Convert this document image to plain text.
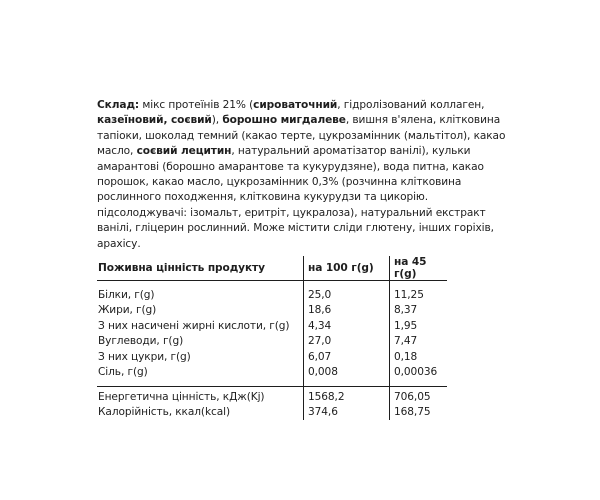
Склад: мікс протеїнів 21% (сироваточний, гідролізований коллаген, казеїновий, соєвий), борошно мигдалеве, вишня в'ялена, клітковина тапіоки, шоколад темний (какао терте, цукрозамінник (мальтітол), какао масло, соєвий лецитин, натуральний ароматізатор ванілі), кульки амарантові (борошно амарантове та кукурудзяне), вода питна, какао порошок, какао масло, цукрозамінник 0,3% (розчинна клітковина рослинного походження, клітковина кукурудзи та цикорію. підсолоджувачі: ізомальт, еритріт, цукралоза), натуральний екстракт ванілі, гліцерин рослинний. Може містити сліди глютену, інших горіхів, арахісу.

Поживна цінність продукту	на 100 г(g)	на 45 г(g)

Білки, г(g)	25,0	11,25
Жири, г(g)	18,6	8,37
З них насичені жирні кислоти, г(g)	4,34	1,95
Вуглеводи, г(g)	27,0	7,47
З них цукри, г(g)	6,07	0,18
Сіль, г(g)	0,008	0,00036

Енергетична цінність, кДж(Kj)	1568,2	706,05
Калорійність, ккал(kcal)	374,6	168,75
